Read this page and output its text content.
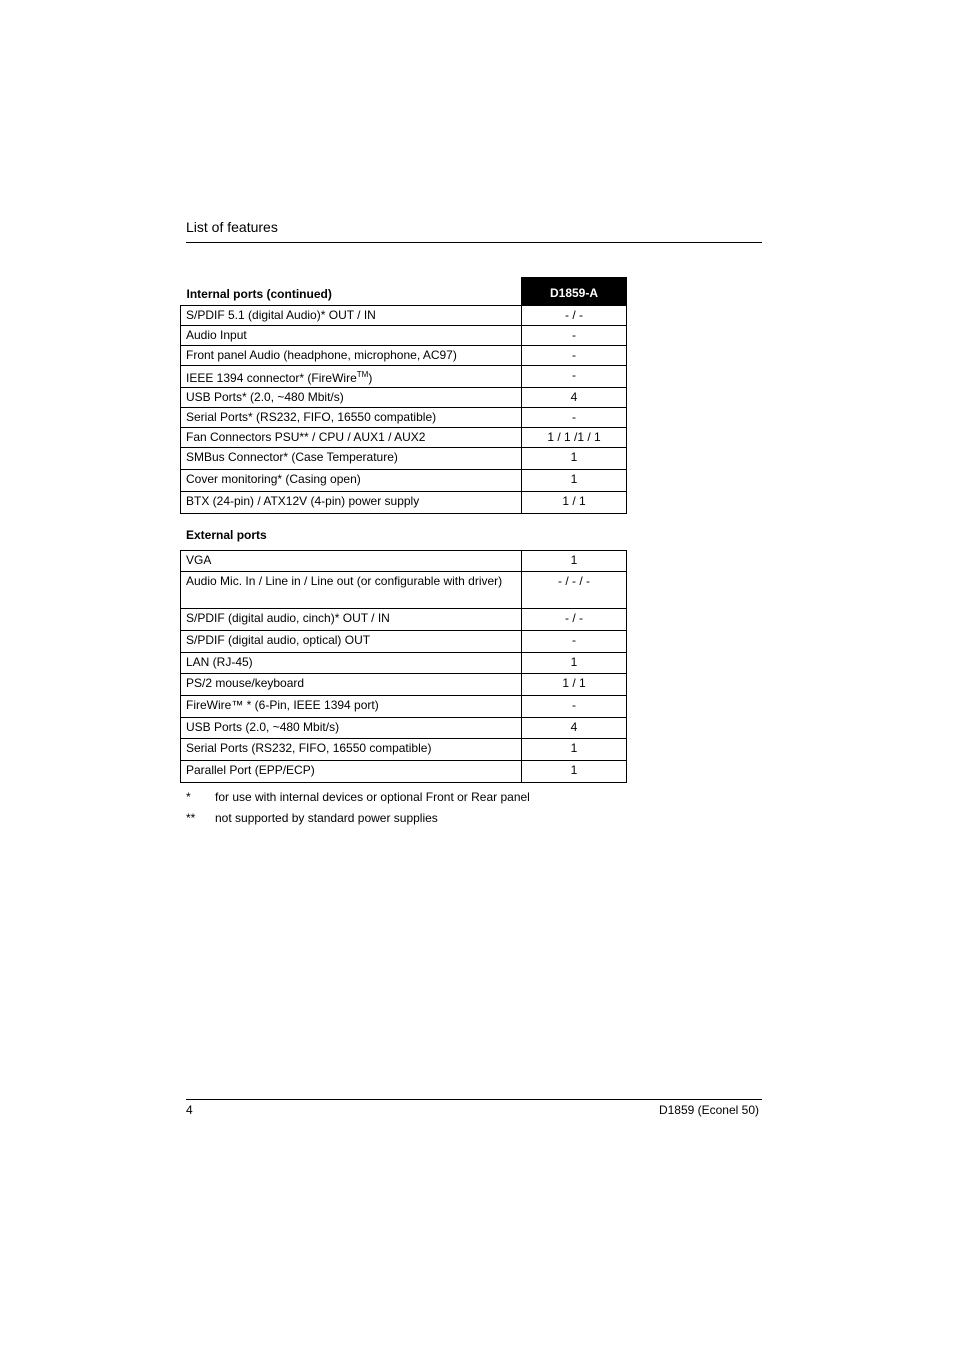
List of features
Internal ports (continued)	D1859-A
S/PDIF 5.1 (digital Audio)* OUT / IN	- / -
Audio Input	-
Front panel Audio (headphone, microphone, AC97)	-
IEEE 1394 connector* (FireWire™)	-
USB Ports* (2.0, ~480 Mbit/s)	4
Serial Ports* (RS232, FIFO, 16550 compatible)	-
Fan Connectors PSU** / CPU / AUX1 / AUX2	1 / 1 /1 / 1
SMBus Connector* (Case Temperature)	1
Cover monitoring* (Casing open)	1
BTX (24-pin) / ATX12V (4-pin) power supply	1 / 1
External ports
VGA	1
Audio Mic. In / Line in / Line out (or configurable with driver)	- / - / -
S/PDIF (digital audio, cinch)* OUT / IN	- / -
S/PDIF (digital audio, optical) OUT	-
LAN (RJ-45)	1
PS/2 mouse/keyboard	1 / 1
FireWire™ * (6-Pin, IEEE 1394 port)	-
USB Ports (2.0, ~480 Mbit/s)	4
Serial Ports (RS232, FIFO, 16550 compatible)	1
Parallel Port (EPP/ECP)	1
* for use with internal devices or optional Front or Rear panel
** not supported by standard power supplies
4	D1859 (Econel 50)
